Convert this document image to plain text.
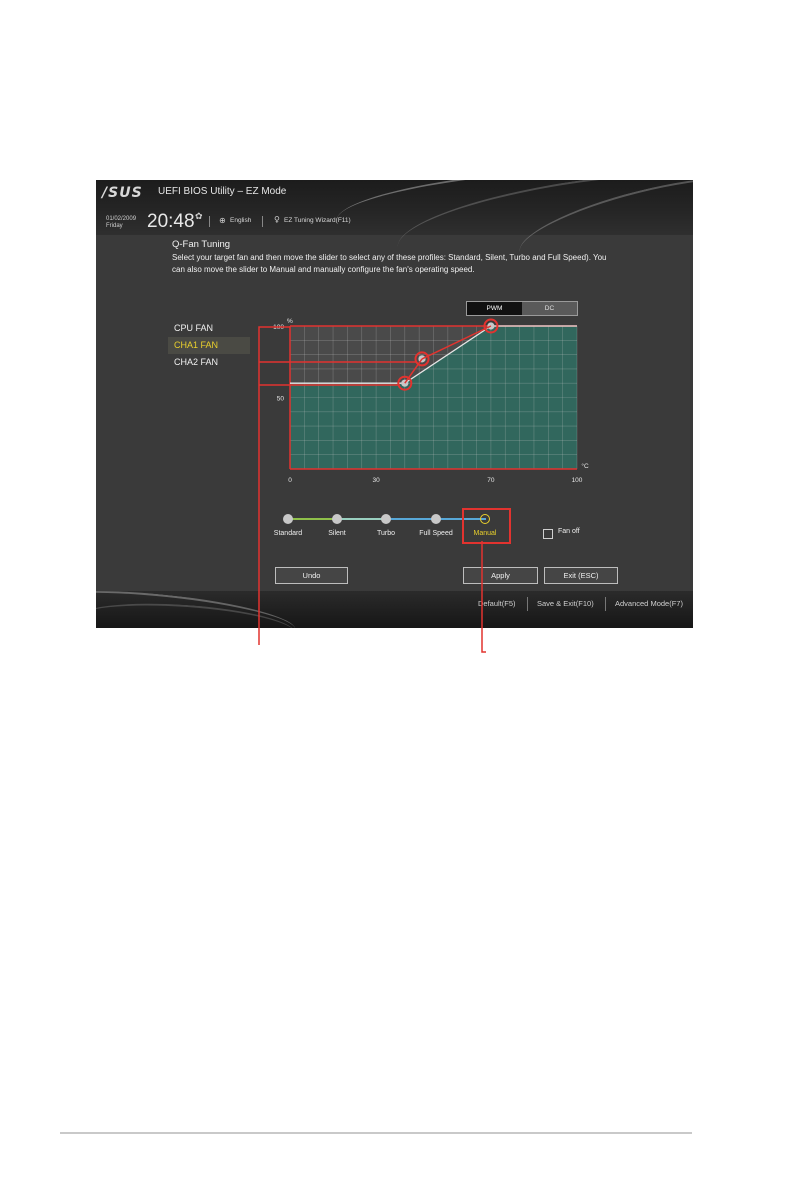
/SUS UEFI BIOS Utility – EZ Mode
01/02/2009
Friday	20:48 ✿ ⊕ English	♀ EZ Tuning Wizard(F11)
Q-Fan Tuning
Select your target fan and then move the slider to select any of these profiles: Standard, Silent, Turbo and Full Speed). You can also move the slider to Manual and manually configure the fan's operating speed.
CPU FAN
CHA1 FAN
CHA2 FAN
PWM	DC
%
100
50
°C
0	30	70	100
Standard	Silent	Turbo	Full Speed	Manual	Fan off
Undo	Apply	Exit (ESC)
Default(F5)	Save & Exit(F10)	Advanced Mode(F7)
